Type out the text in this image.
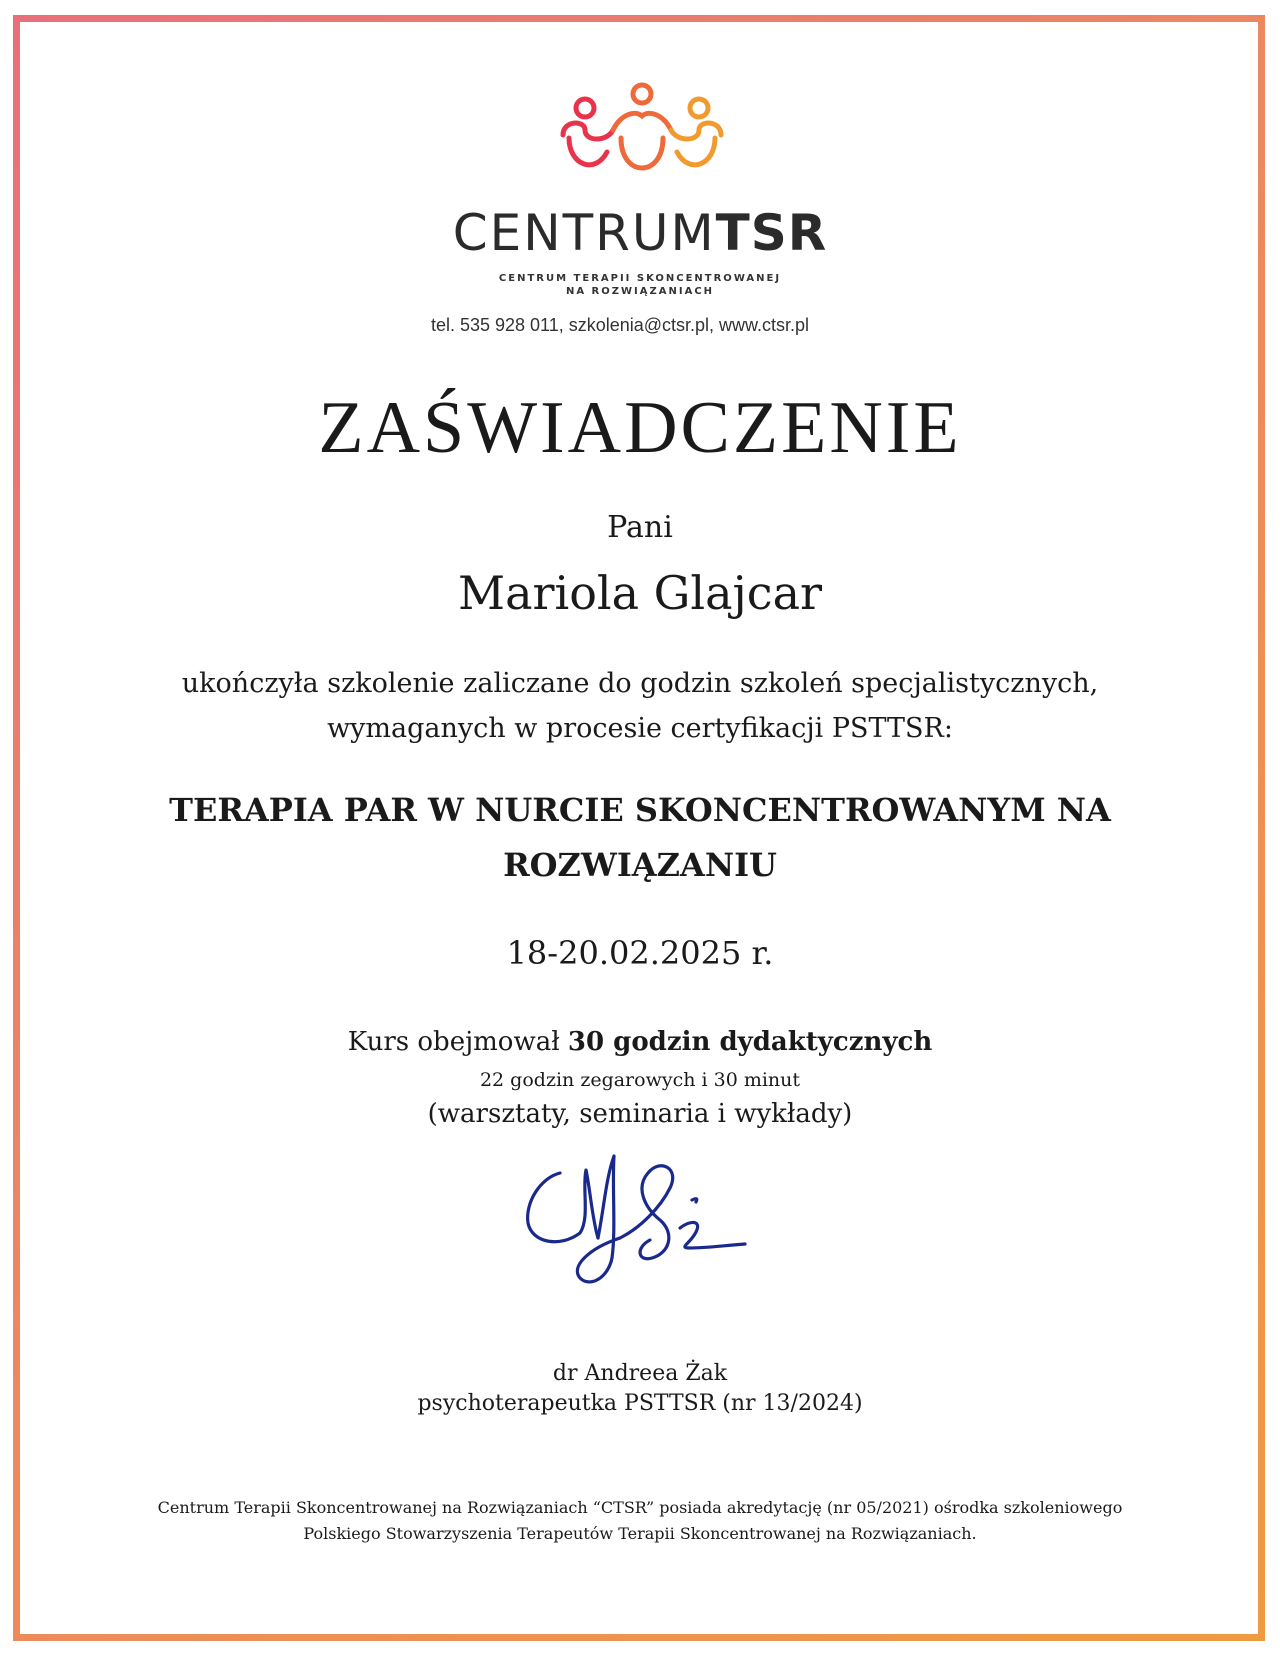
CENTRUMTSR
CENTRUM TERAPII SKONCENTROWANEJ
NA ROZWIĄZANIACH
tel. 535 928 011, szkolenia@ctsr.pl, www.ctsr.pl
ZAŚWIADCZENIE
Pani
Mariola Glajcar
ukończyła szkolenie zaliczane do godzin szkoleń specjalistycznych,
wymaganych w procesie certyfikacji PSTTSR:
TERAPIA PAR W NURCIE SKONCENTROWANYM NA
ROZWIĄZANIU
18-20.02.2025 r.
Kurs obejmował 30 godzin dydaktycznych
22 godzin zegarowych i 30 minut
(warsztaty, seminaria i wykłady)
dr Andreea Żak
psychoterapeutka PSTTSR (nr 13/2024)
Centrum Terapii Skoncentrowanej na Rozwiązaniach “CTSR” posiada akredytację (nr 05/2021) ośrodka szkoleniowego
Polskiego Stowarzyszenia Terapeutów Terapii Skoncentrowanej na Rozwiązaniach.
